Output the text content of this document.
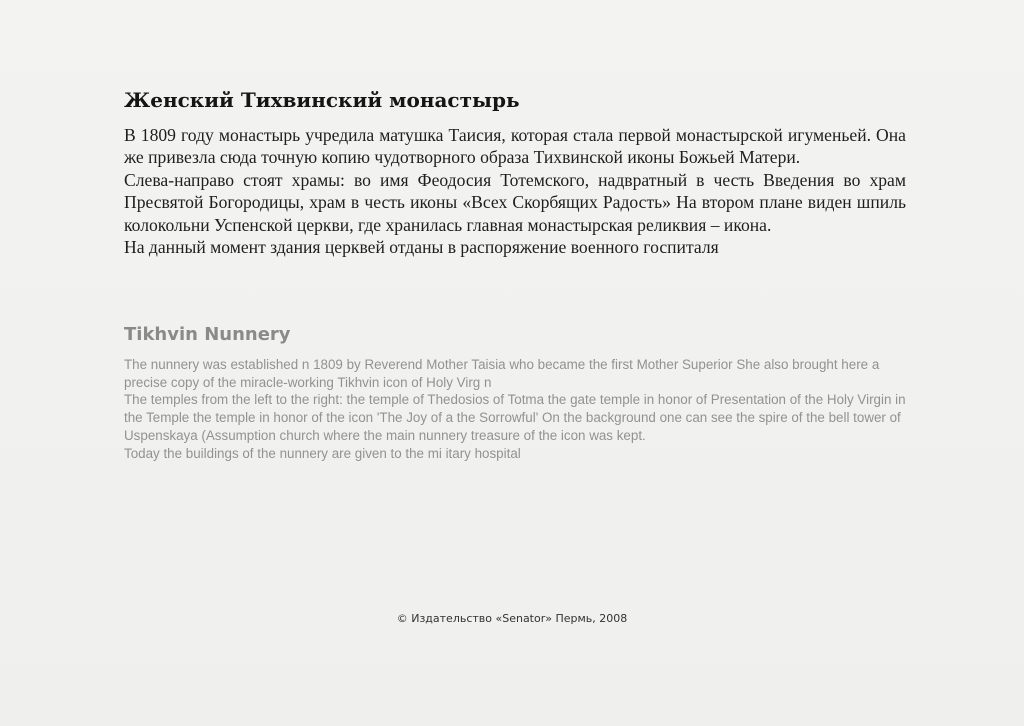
Женский Тихвинский монастырь

В 1809 году монастырь учредила матушка Таисия, которая стала первой монастырской игуменьей. Она же привезла сюда точную копию чудотворного образа Тихвинской иконы Божьей Матери.

Слева-направо стоят храмы: во имя Феодосия Тотемского, надвратный в честь Введения во храм Пресвятой Богородицы, храм в честь иконы «Всех Скорбящих Радость» На втором плане виден шпиль колокольни Успенской церкви, где хранилась главная монастырская реликвия – икона.

На данный момент здания церквей отданы в распоряжение военного госпиталя

Tikhvin Nunnery

The nunnery was established n 1809 by Reverend Mother Taisia who became the first Mother Superior She also brought here a precise copy of the miracle-working Tikhvin icon of Holy Virg n

The temples from the left to the right: the temple of Thedosios of Totma the gate temple in honor of Presentation of the Holy Virgin in the Temple the temple in honor of the icon 'The Joy of a the Sorrowful' On the background one can see the spire of the bell tower of Uspenskaya (Assumption church where the main nunnery treasure of the icon was kept.

Today the buildings of the nunnery are given to the mi itary hospital

© Издательство «Senator» Пермь, 2008
